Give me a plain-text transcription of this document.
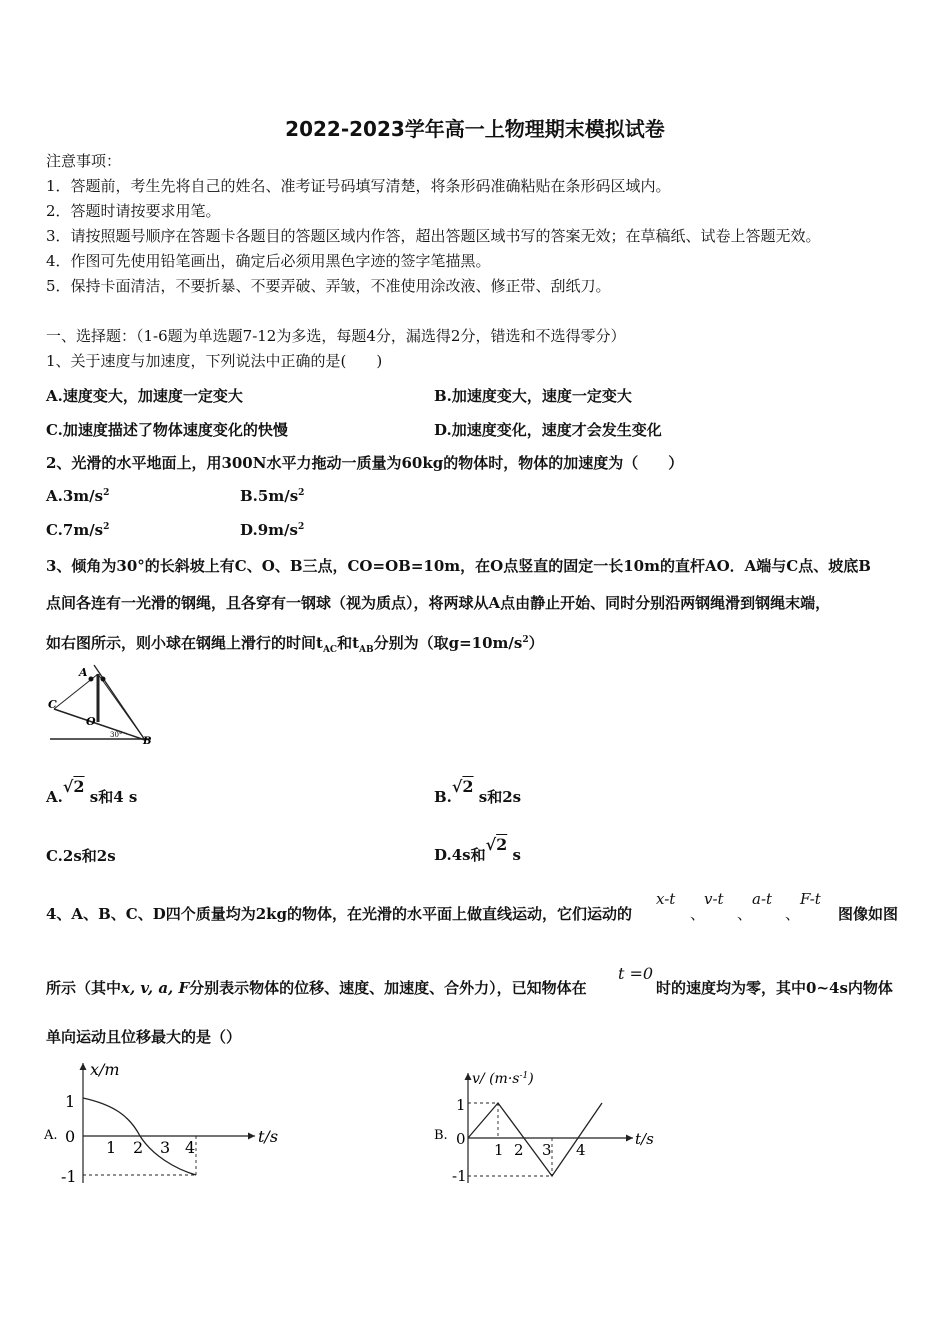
2022-2023学年高一上物理期末模拟试卷
注意事项：
1．答题前，考生先将自己的姓名、准考证号码填写清楚，将条形码准确粘贴在条形码区域内。
2．答题时请按要求用笔。
3．请按照题号顺序在答题卡各题目的答题区域内作答，超出答题区域书写的答案无效；在草稿纸、试卷上答题无效。
4．作图可先使用铅笔画出，确定后必须用黑色字迹的签字笔描黑。
5．保持卡面清洁，不要折暴、不要弄破、弄皱，不准使用涂改液、修正带、刮纸刀。
一、选择题：（1-6题为单选题7-12为多选，每题4分，漏选得2分，错选和不选得零分）
1、关于速度与加速度，下列说法中正确的是(　　)
A.速度变大，加速度一定变大	B.加速度变大，速度一定变大
C.加速度描述了物体速度变化的快慢	D.加速度变化，速度才会发生变化
2、光滑的水平地面上，用300N水平力拖动一质量为60kg的物体时，物体的加速度为（　　）
$A.3m/s^2$	$B.5m/s^2$
$C.7m/s^2$	$D.9m/s^2$
3、倾角为30°的长斜坡上有C、O、B三点，CO=OB=10m，在O点竖直的固定一长10m的直杆AO．A端与C点、坡底B
点间各连有一光滑的钢绳，且各穿有一钢球（视为质点），将两球从A点由静止开始、同时分别沿两钢绳滑到钢绳末端，
如右图所示，则小球在钢绳上滑行的时间$t_{AC}$和$t_{AB}$分别为（取$g=10m/s^2$）
A
C
O
B
30°
A.√2 s和4 s	B.√2 s和2s
C.2s和2s	D.4s和√2 s
4、A、B、C、D四个质量均为2kg的物体，在光滑的水平面上做直线运动，它们运动的
x-t
、
v-t
、
a-t
、
F-t
图像如图
所示（其中x, v, a, F分别表示物体的位移、速度、加速度、合外力），已知物体在
t =0
时的速度均为零，其中0~4s内物体
单向运动且位移最大的是（）
A.
x/m
t/s
1
0
-1
1 2 3 4
B.
v/ $(m\cdot s^{-1})$
t/s
1
0
-1
1 2 3 4
